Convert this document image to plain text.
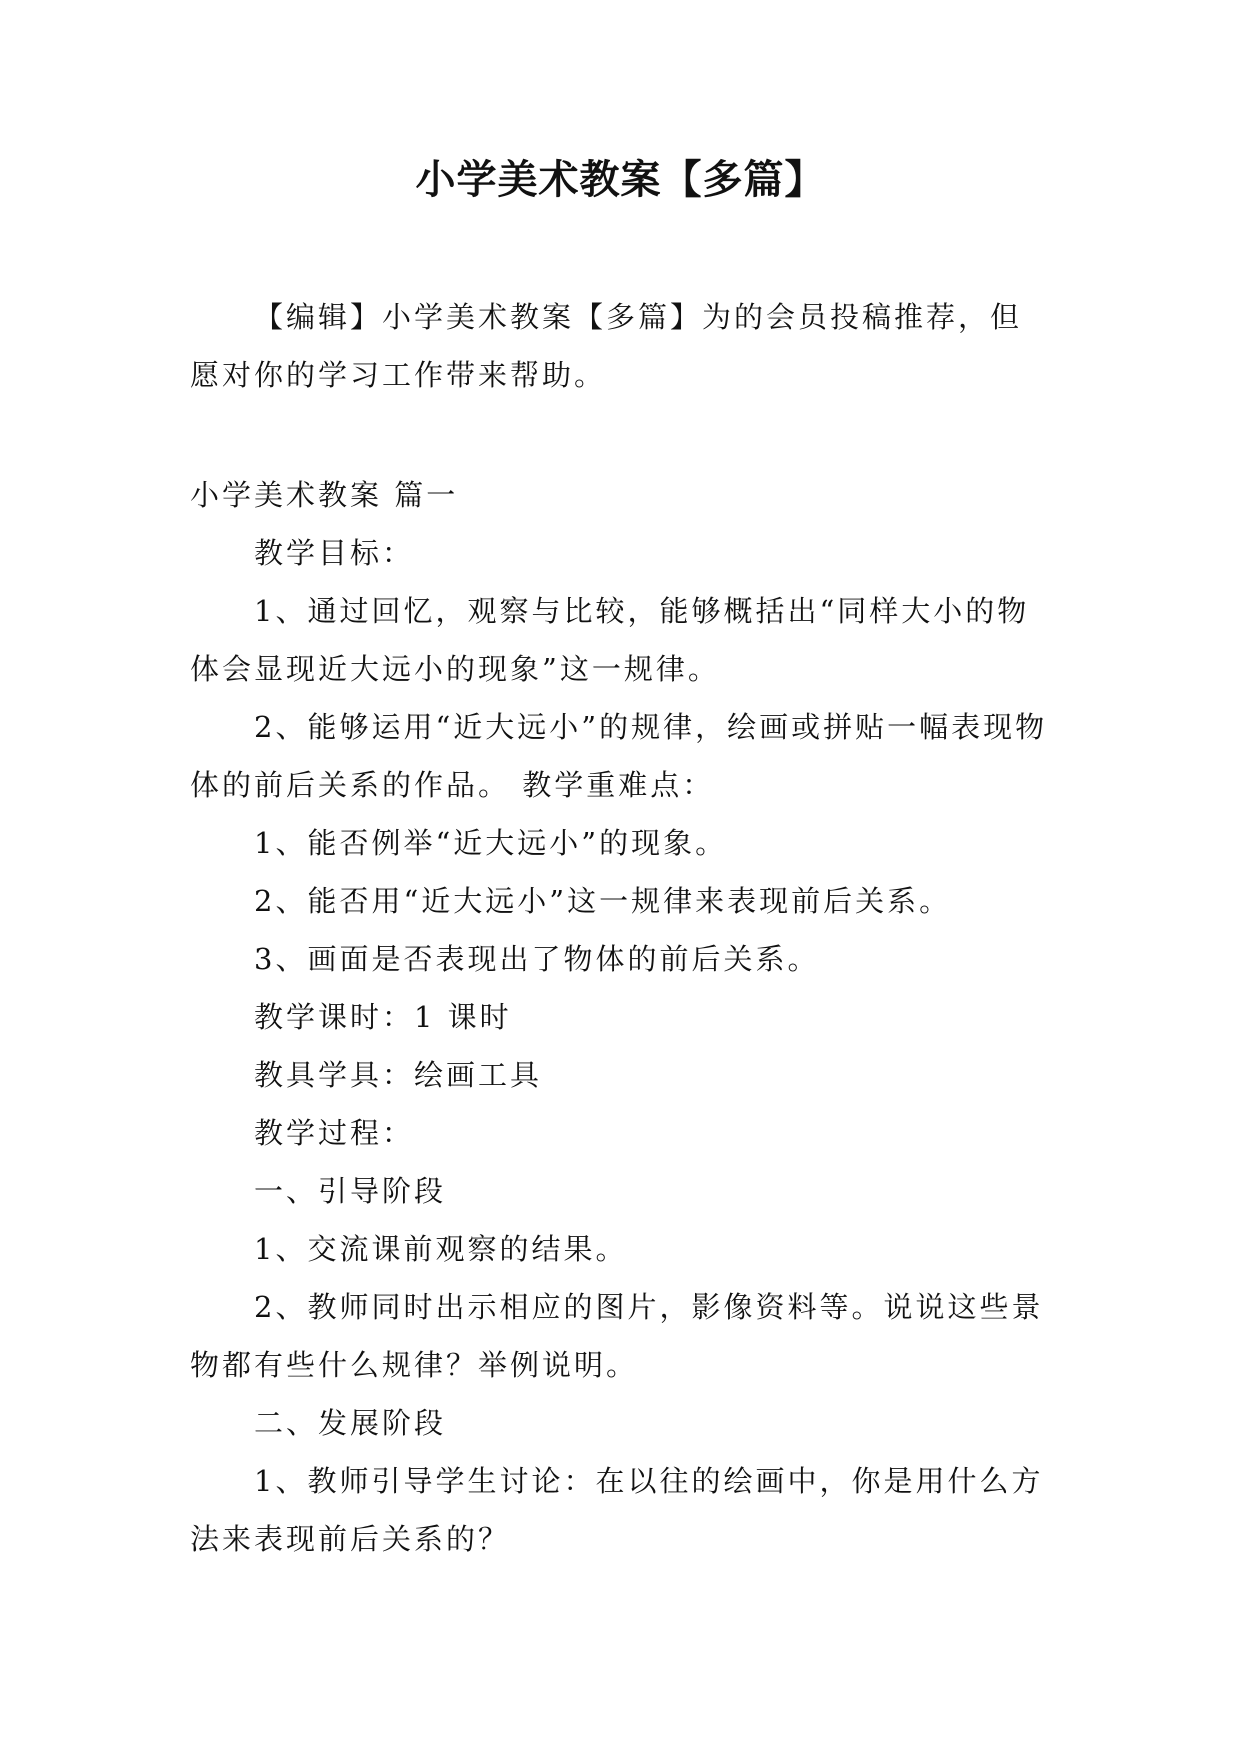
小学美术教案【多篇】

【编辑】小学美术教案【多篇】为的会员投稿推荐，但愿对你的学习工作带来帮助。

小学美术教案 篇一

教学目标：

1、通过回忆，观察与比较，能够概括出“同样大小的物体会显现近大远小的现象”这一规律。

2、能够运用“近大远小”的规律，绘画或拼贴一幅表现物体的前后关系的作品。 教学重难点：

1、能否例举“近大远小”的现象。

2、能否用“近大远小”这一规律来表现前后关系。

3、画面是否表现出了物体的前后关系。

教学课时：1 课时

教具学具：绘画工具

教学过程：

一、引导阶段

1、交流课前观察的结果。

2、教师同时出示相应的图片，影像资料等。说说这些景物都有些什么规律？举例说明。

二、发展阶段

1、教师引导学生讨论：在以往的绘画中，你是用什么方法来表现前后关系的？
